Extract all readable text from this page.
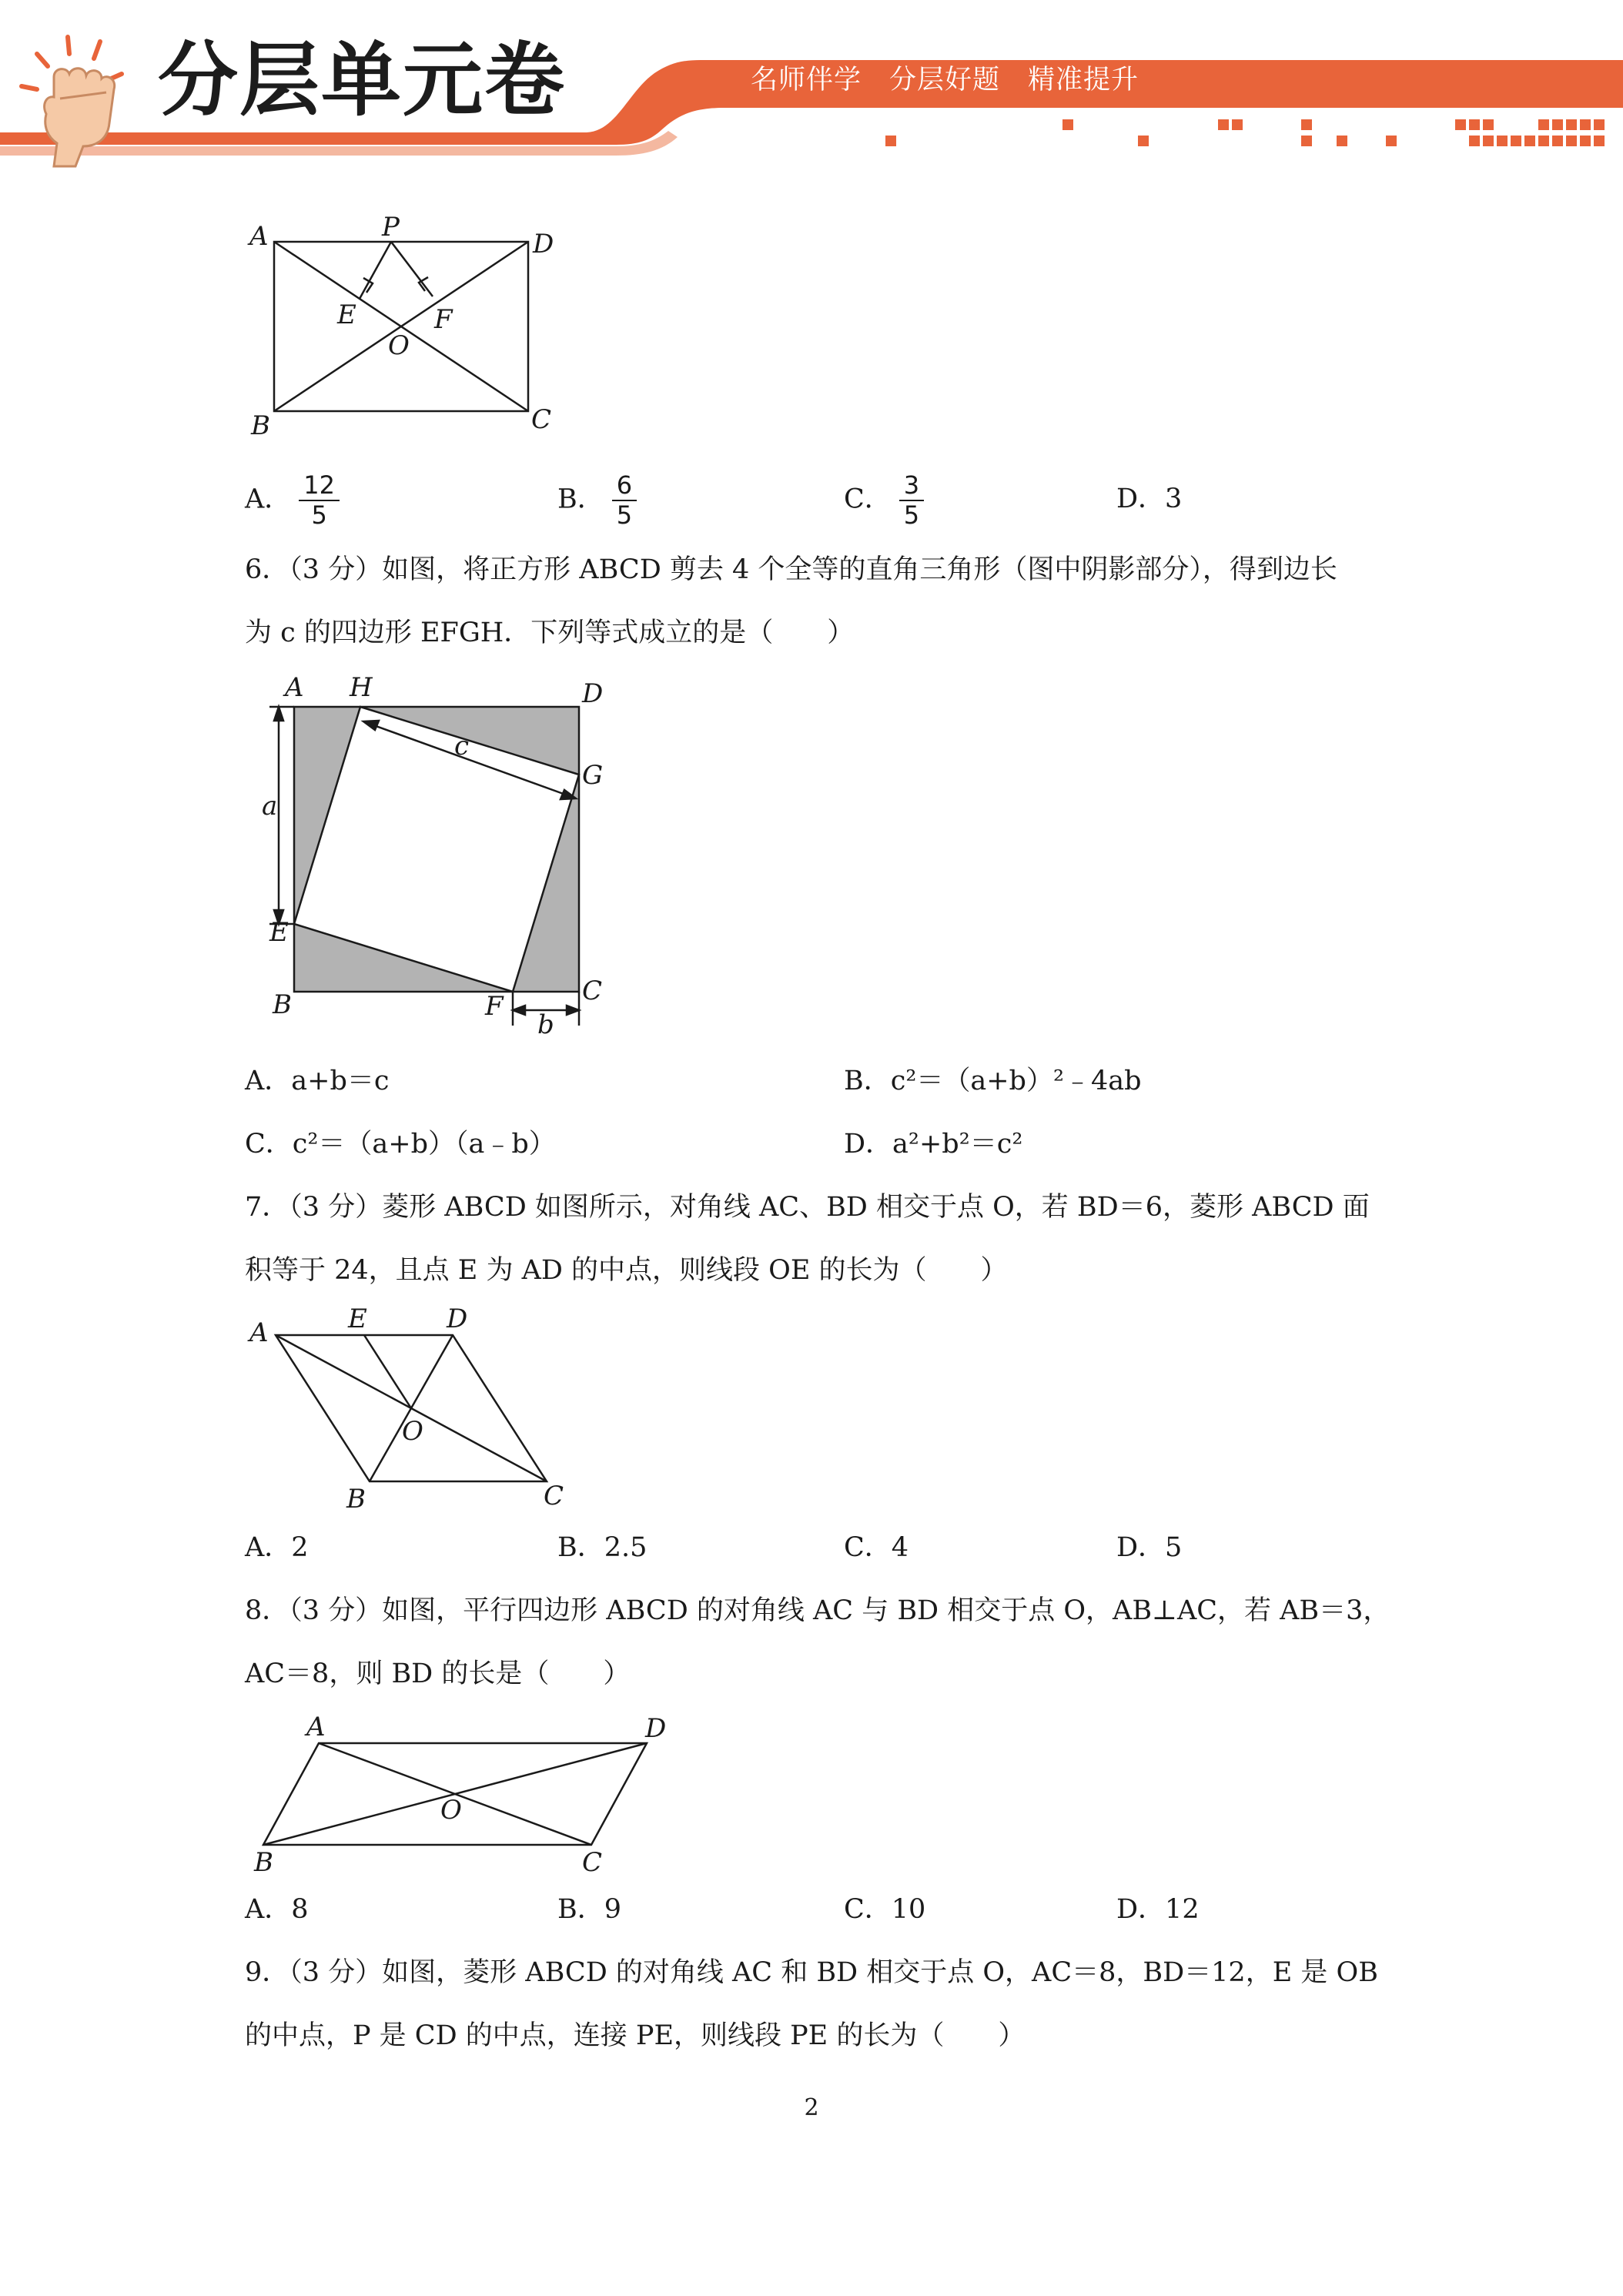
分层单元卷	名师伴学 分层好题 精准提升
A	P
D
E	F
O
B	C
A． $\frac{12}{5}$	B． $\frac{6}{5}$	C． $\frac{3}{5}$	D．3
6．（3 分）如图，将正方形 ABCD 剪去 4 个全等的直角三角形（图中阴影部分），得到边长
为 c 的四边形 EFGH．下列等式成立的是（　　）
A H	D
G
a
c
E
B	F	C
b
A．a+b＝c	B．c²＝（a+b）²﹣4ab
C．c²＝（a+b）（a﹣b）	D．a²+b²＝c²
7．（3 分）菱形 ABCD 如图所示，对角线 AC、BD 相交于点 O，若 BD＝6，菱形 ABCD 面
积等于 24，且点 E 为 AD 的中点，则线段 OE 的长为（　　）
A	E	D
O
B	C
A．2	B．2.5	C．4	D．5
8．（3 分）如图，平行四边形 ABCD 的对角线 AC 与 BD 相交于点 O，AB⊥AC，若 AB＝3，
AC＝8，则 BD 的长是（　　）
A	D
O
B	C
A．8	B．9	C．10	D．12
9．（3 分）如图，菱形 ABCD 的对角线 AC 和 BD 相交于点 O，AC＝8，BD＝12，E 是 OB
的中点，P 是 CD 的中点，连接 PE，则线段 PE 的长为（　　）
2
